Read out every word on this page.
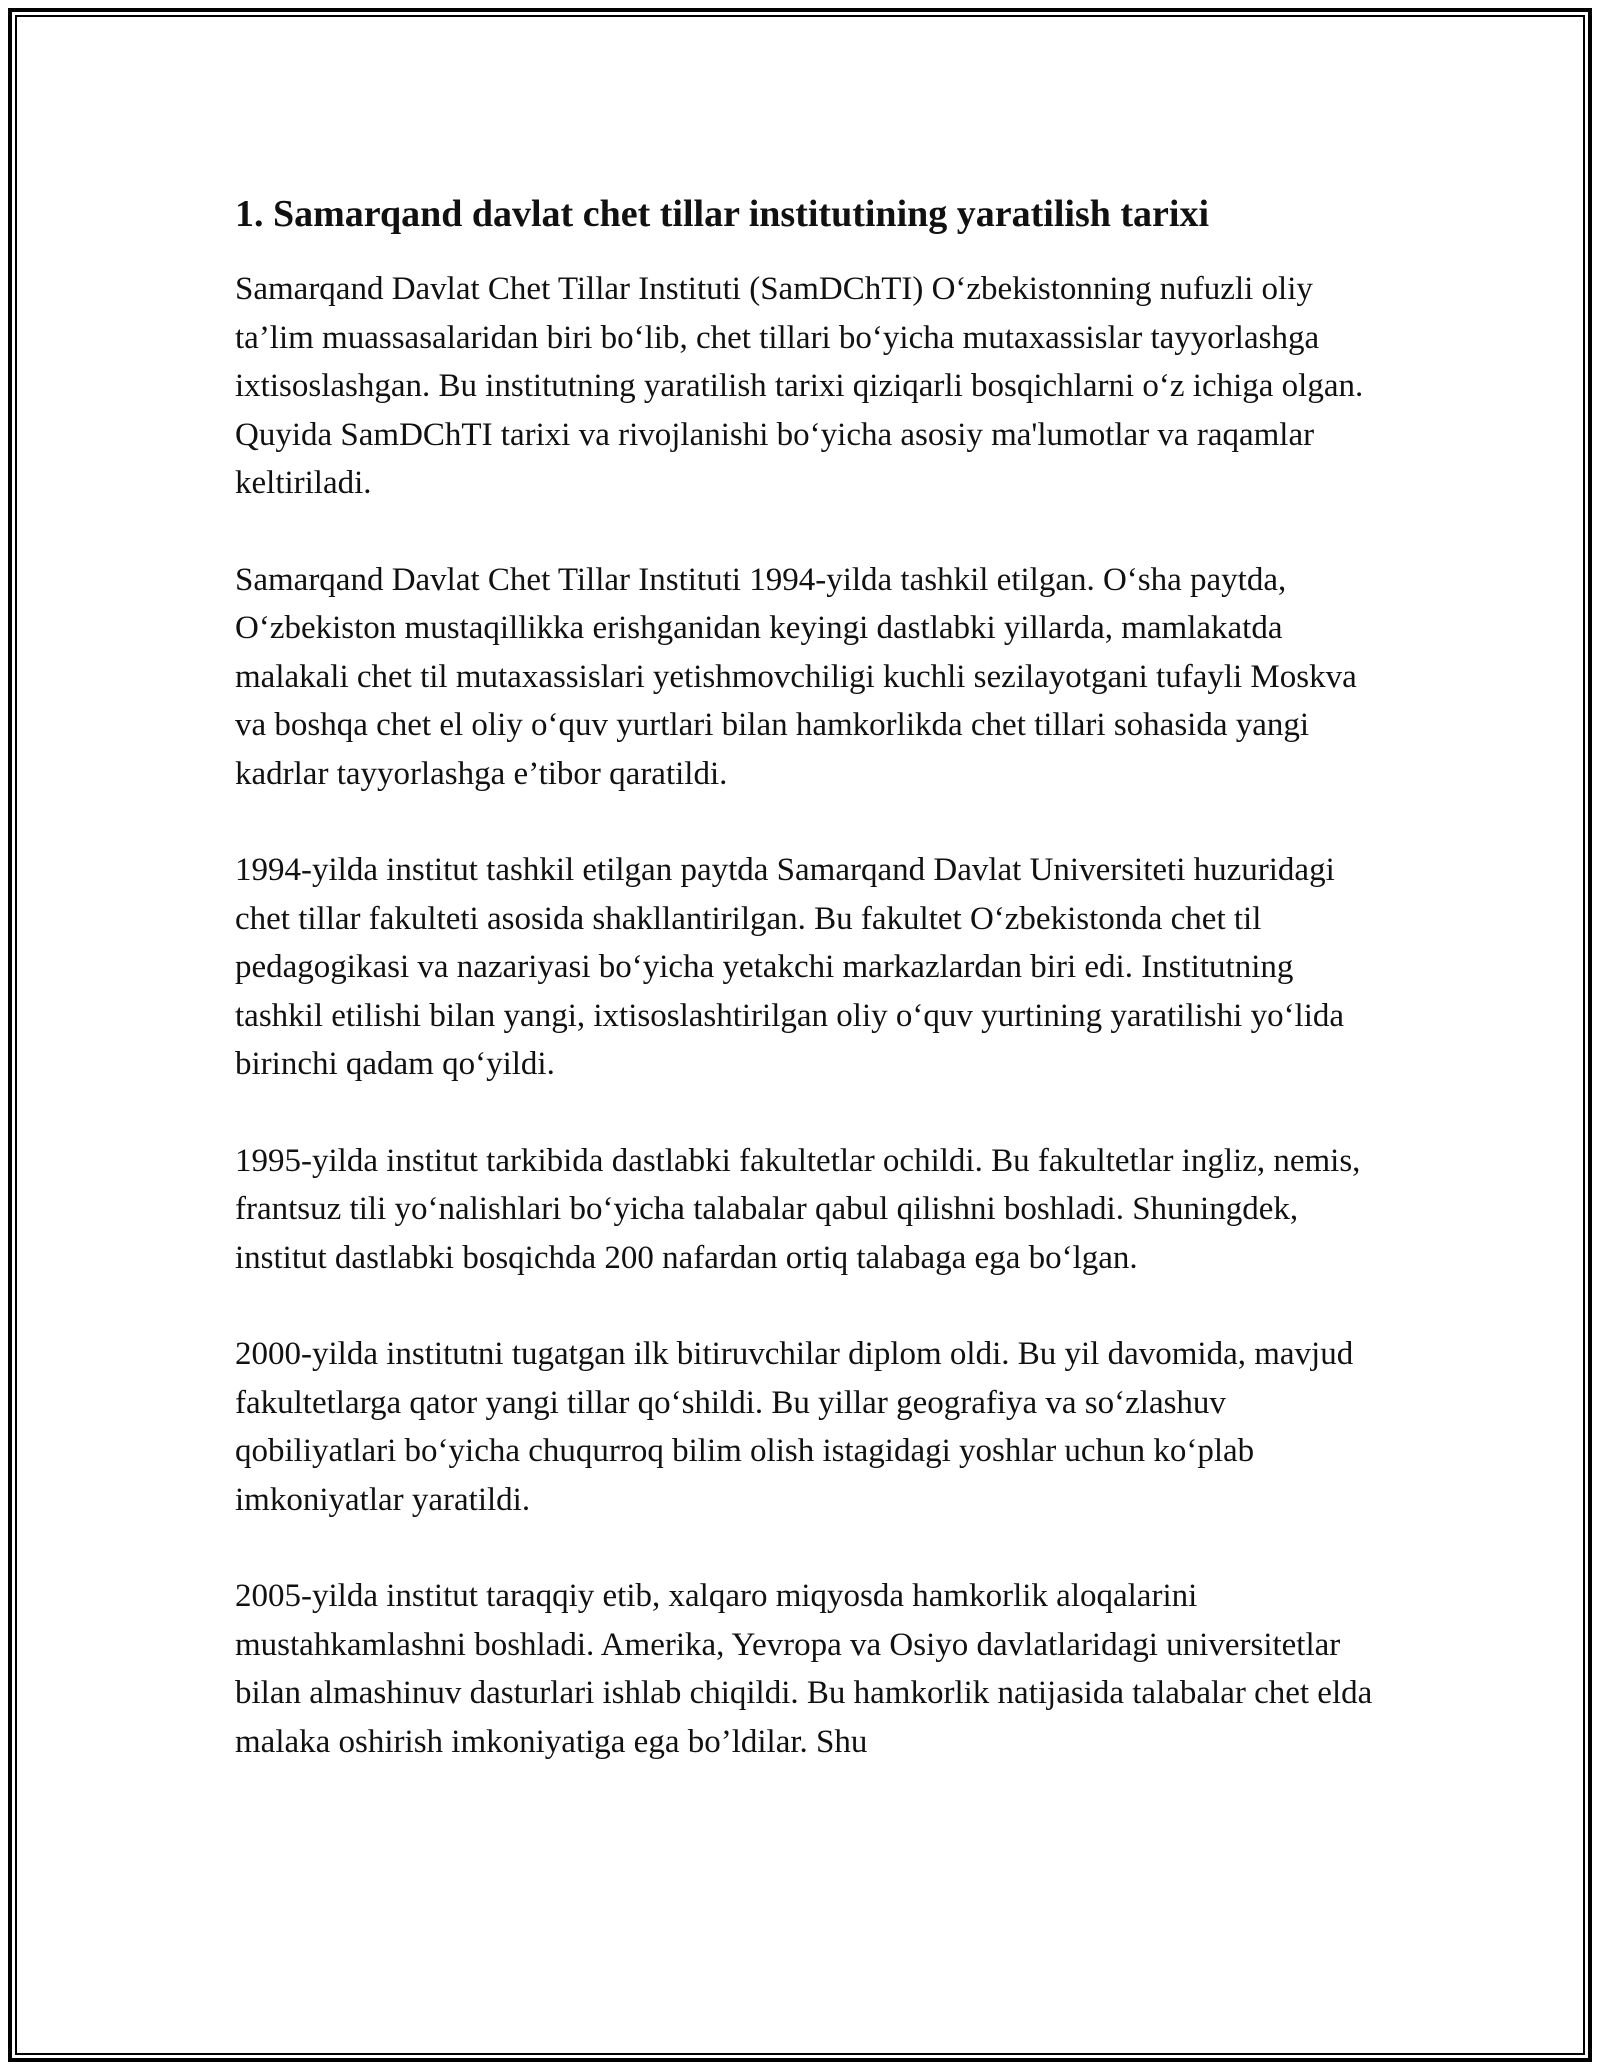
1. Samarqand davlat chet tillar institutining yaratilish tarixi

Samarqand Davlat Chet Tillar Instituti (SamDChTI) O‘zbekistonning nufuzli oliy ta’lim muassasalaridan biri bo‘lib, chet tillari bo‘yicha mutaxassislar tayyorlashga ixtisoslashgan. Bu institutning yaratilish tarixi qiziqarli bosqichlarni o‘z ichiga olgan. Quyida SamDChTI tarixi va rivojlanishi bo‘yicha asosiy ma'lumotlar va raqamlar keltiriladi.

Samarqand Davlat Chet Tillar Instituti 1994-yilda tashkil etilgan. O‘sha paytda, O‘zbekiston mustaqillikka erishganidan keyingi dastlabki yillarda, mamlakatda malakali chet til mutaxassislari yetishmovchiligi kuchli sezilayotgani tufayli Moskva va boshqa chet el oliy o‘quv yurtlari bilan hamkorlikda chet tillari sohasida yangi kadrlar tayyorlashga e’tibor qaratildi.

1994-yilda institut tashkil etilgan paytda Samarqand Davlat Universiteti huzuridagi chet tillar fakulteti asosida shakllantirilgan. Bu fakultet O‘zbekistonda chet til pedagogikasi va nazariyasi bo‘yicha yetakchi markazlardan biri edi. Institutning tashkil etilishi bilan yangi, ixtisoslashtirilgan oliy o‘quv yurtining yaratilishi yo‘lida birinchi qadam qo‘yildi.

1995-yilda institut tarkibida dastlabki fakultetlar ochildi. Bu fakultetlar ingliz, nemis, frantsuz tili yo‘nalishlari bo‘yicha talabalar qabul qilishni boshladi. Shuningdek, institut dastlabki bosqichda 200 nafardan ortiq talabaga ega bo‘lgan.

2000-yilda institutni tugatgan ilk bitiruvchilar diplom oldi. Bu yil davomida, mavjud fakultetlarga qator yangi tillar qo‘shildi. Bu yillar geografiya va so‘zlashuv qobiliyatlari bo‘yicha chuqurroq bilim olish istagidagi yoshlar uchun ko‘plab imkoniyatlar yaratildi.

2005-yilda institut taraqqiy etib, xalqaro miqyosda hamkorlik aloqalarini mustahkamlashni boshladi. Amerika, Yevropa va Osiyo davlatlaridagi universitetlar bilan almashinuv dasturlari ishlab chiqildi. Bu hamkorlik natijasida talabalar chet elda malaka oshirish imkoniyatiga ega bo’ldilar. Shu
